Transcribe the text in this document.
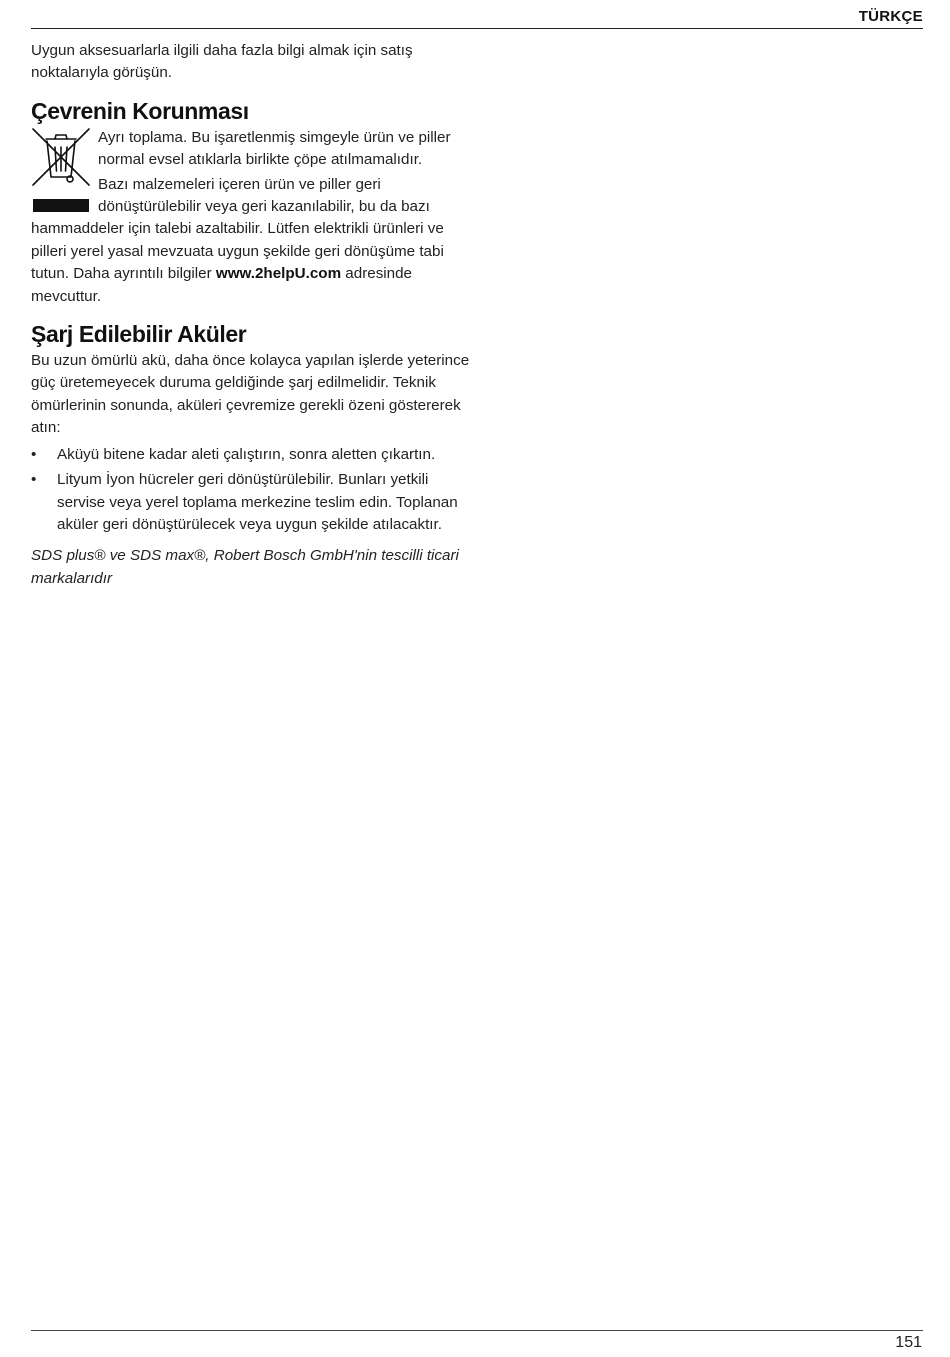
TÜRKÇE

Uygun aksesuarlarla ilgili daha fazla bilgi almak için satış noktalarıyla görüşün.

Çevrenin Korunması

Ayrı toplama. Bu işaretlenmiş simgeyle ürün ve piller normal evsel atıklarla birlikte çöpe atılmamalıdır.

Bazı malzemeleri içeren ürün ve piller geri dönüştürülebilir veya geri kazanılabilir, bu da bazı hammaddeler için talebi azaltabilir. Lütfen elektrikli ürünleri ve pilleri yerel yasal mevzuata uygun şekilde geri dönüşüme tabi tutun. Daha ayrıntılı bilgiler www.2helpU.com adresinde mevcuttur.

Şarj Edilebilir Aküler

Bu uzun ömürlü akü, daha önce kolayca yapılan işlerde yeterince güç üretemeyecek duruma geldiğinde şarj edilmelidir. Teknik ömürlerinin sonunda, aküleri çevremize gerekli özeni göstererek atın:

• Aküyü bitene kadar aleti çalıştırın, sonra aletten çıkartın.
• Lityum İyon hücreler geri dönüştürülebilir. Bunları yetkili servise veya yerel toplama merkezine teslim edin. Toplanan aküler geri dönüştürülecek veya uygun şekilde atılacaktır.

SDS plus® ve SDS max®, Robert Bosch GmbH'nin tescilli ticari markalarıdır

151
